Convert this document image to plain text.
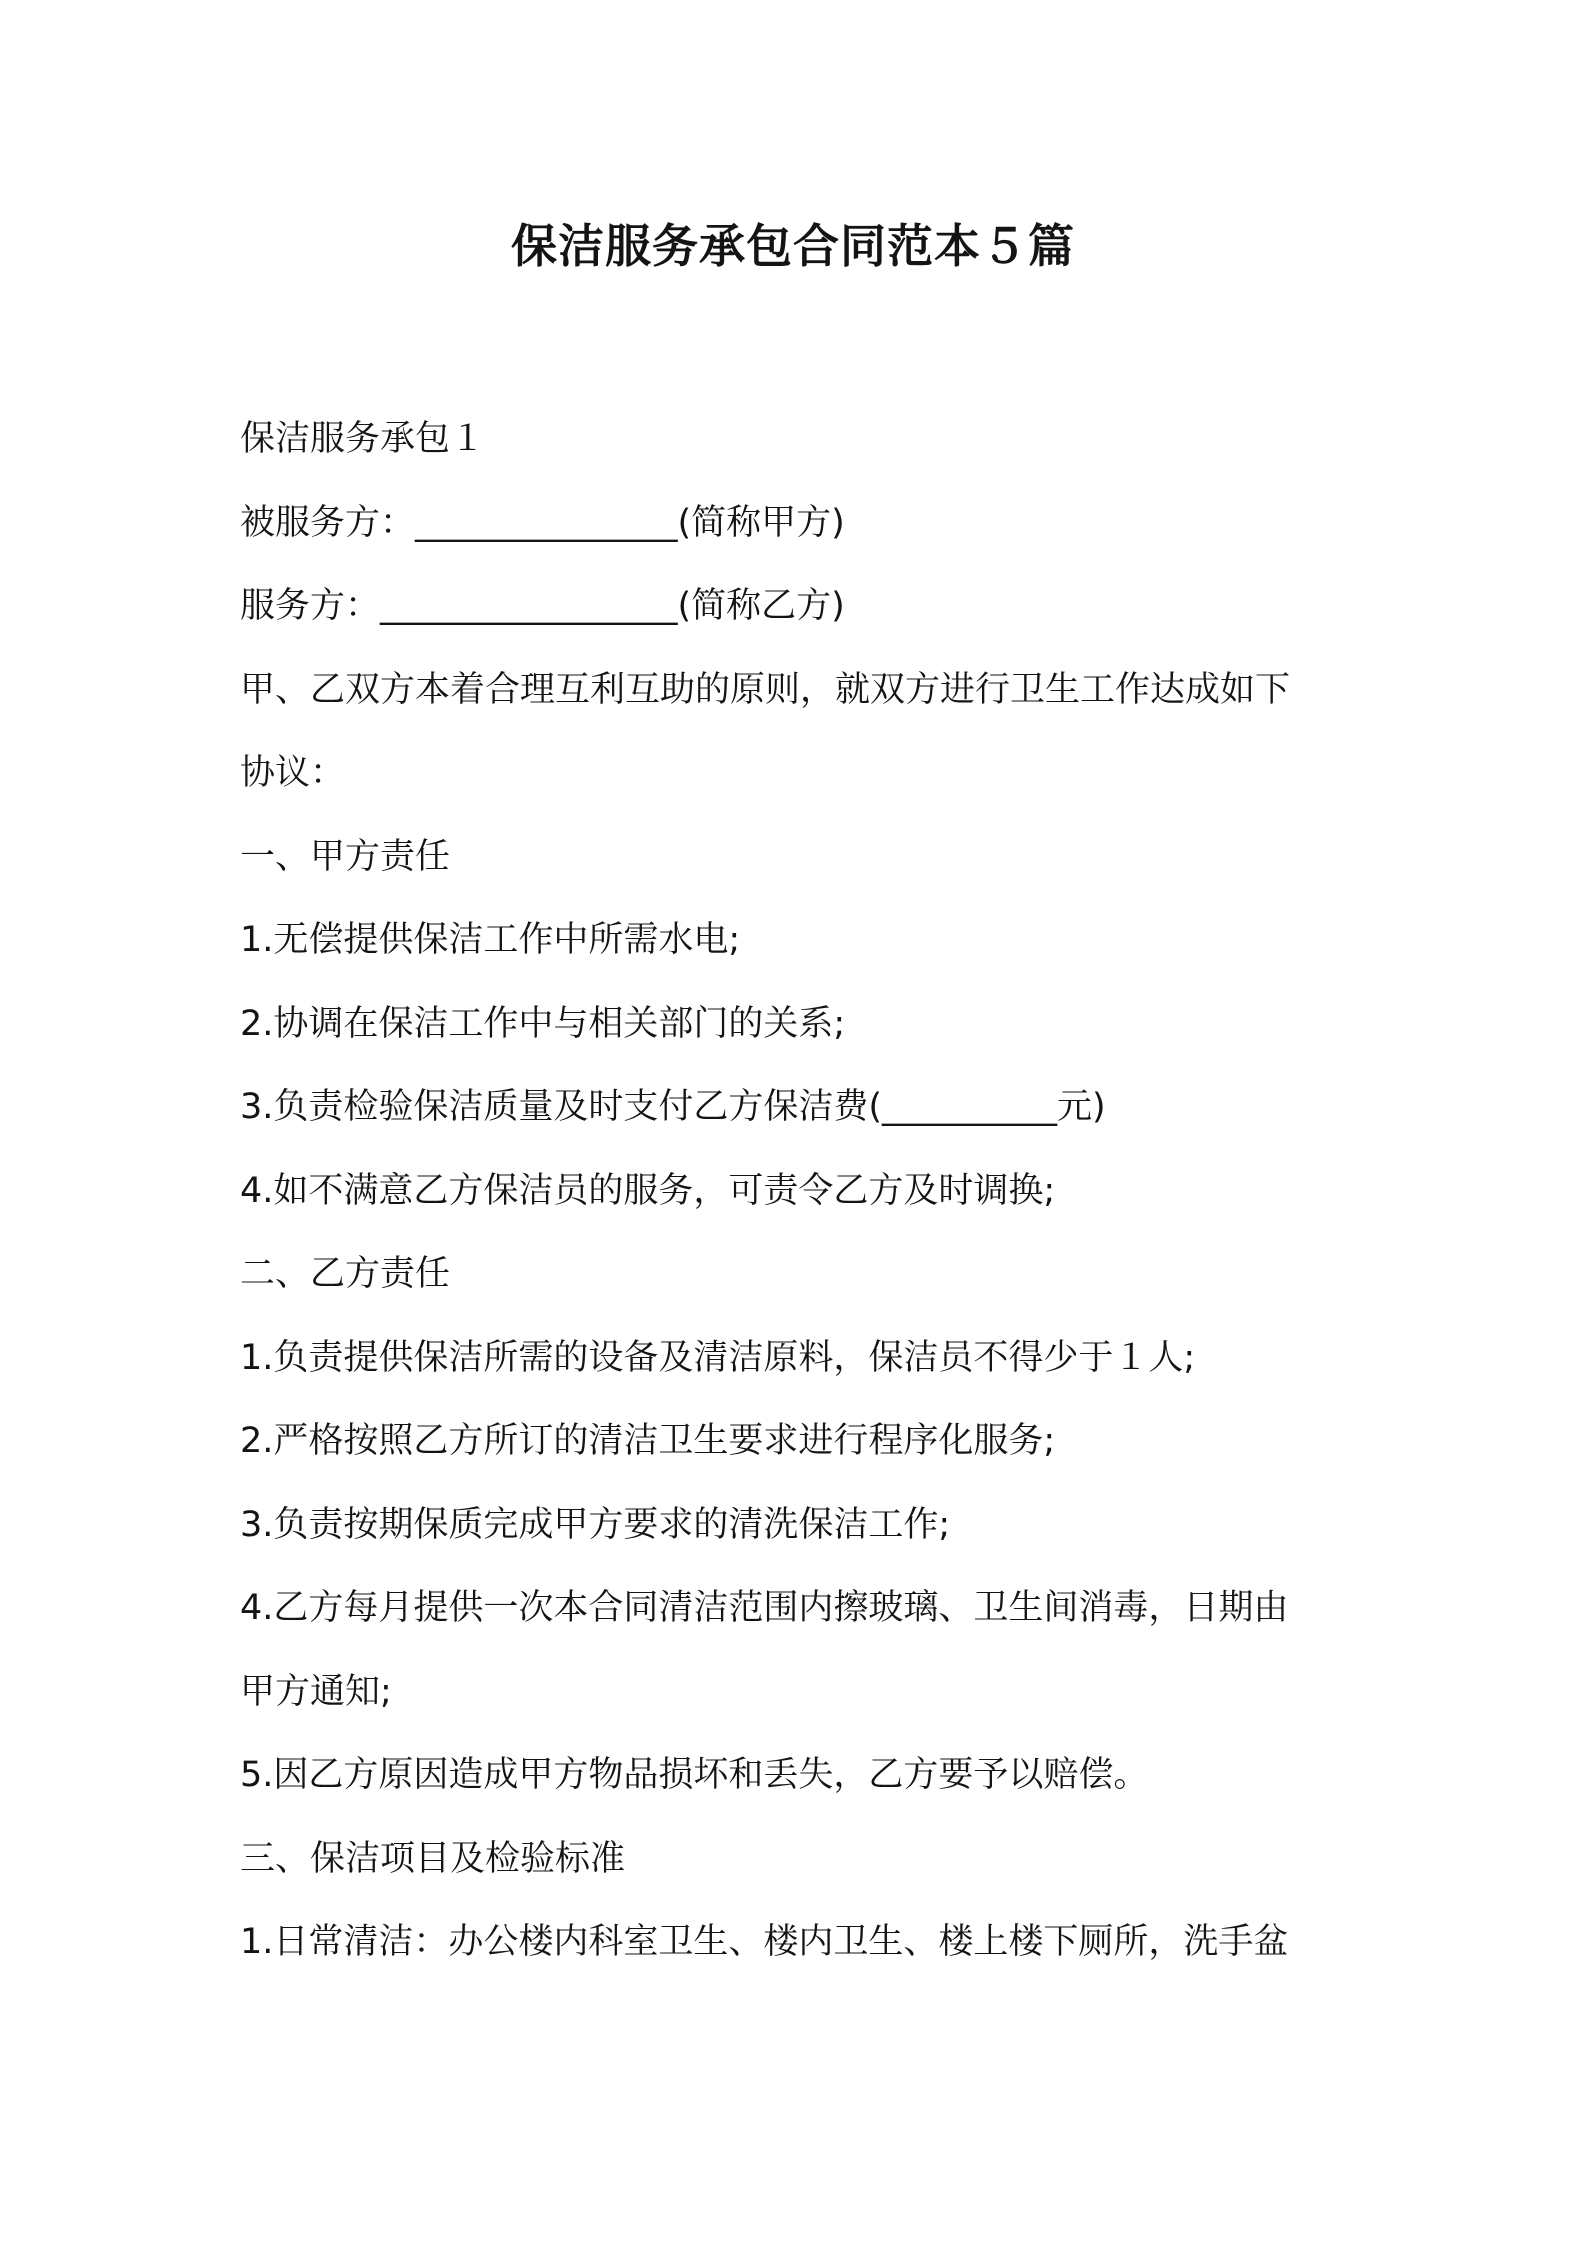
保洁服务承包合同范本５篇

保洁服务承包１

被服务方：_______________(简称甲方)

服务方：_________________(简称乙方)

甲、乙双方本着合理互利互助的原则，就双方进行卫生工作达成如下

协议：

一、甲方责任

1.无偿提供保洁工作中所需水电;

2.协调在保洁工作中与相关部门的关系;

3.负责检验保洁质量及时支付乙方保洁费(__________元)

4.如不满意乙方保洁员的服务，可责令乙方及时调换;

二、乙方责任

1.负责提供保洁所需的设备及清洁原料，保洁员不得少于１人;

2.严格按照乙方所订的清洁卫生要求进行程序化服务;

3.负责按期保质完成甲方要求的清洗保洁工作;

4.乙方每月提供一次本合同清洁范围内擦玻璃、卫生间消毒，日期由

甲方通知;

5.因乙方原因造成甲方物品损坏和丢失，乙方要予以赔偿。

三、保洁项目及检验标准

1.日常清洁：办公楼内科室卫生、楼内卫生、楼上楼下厕所，洗手盆
